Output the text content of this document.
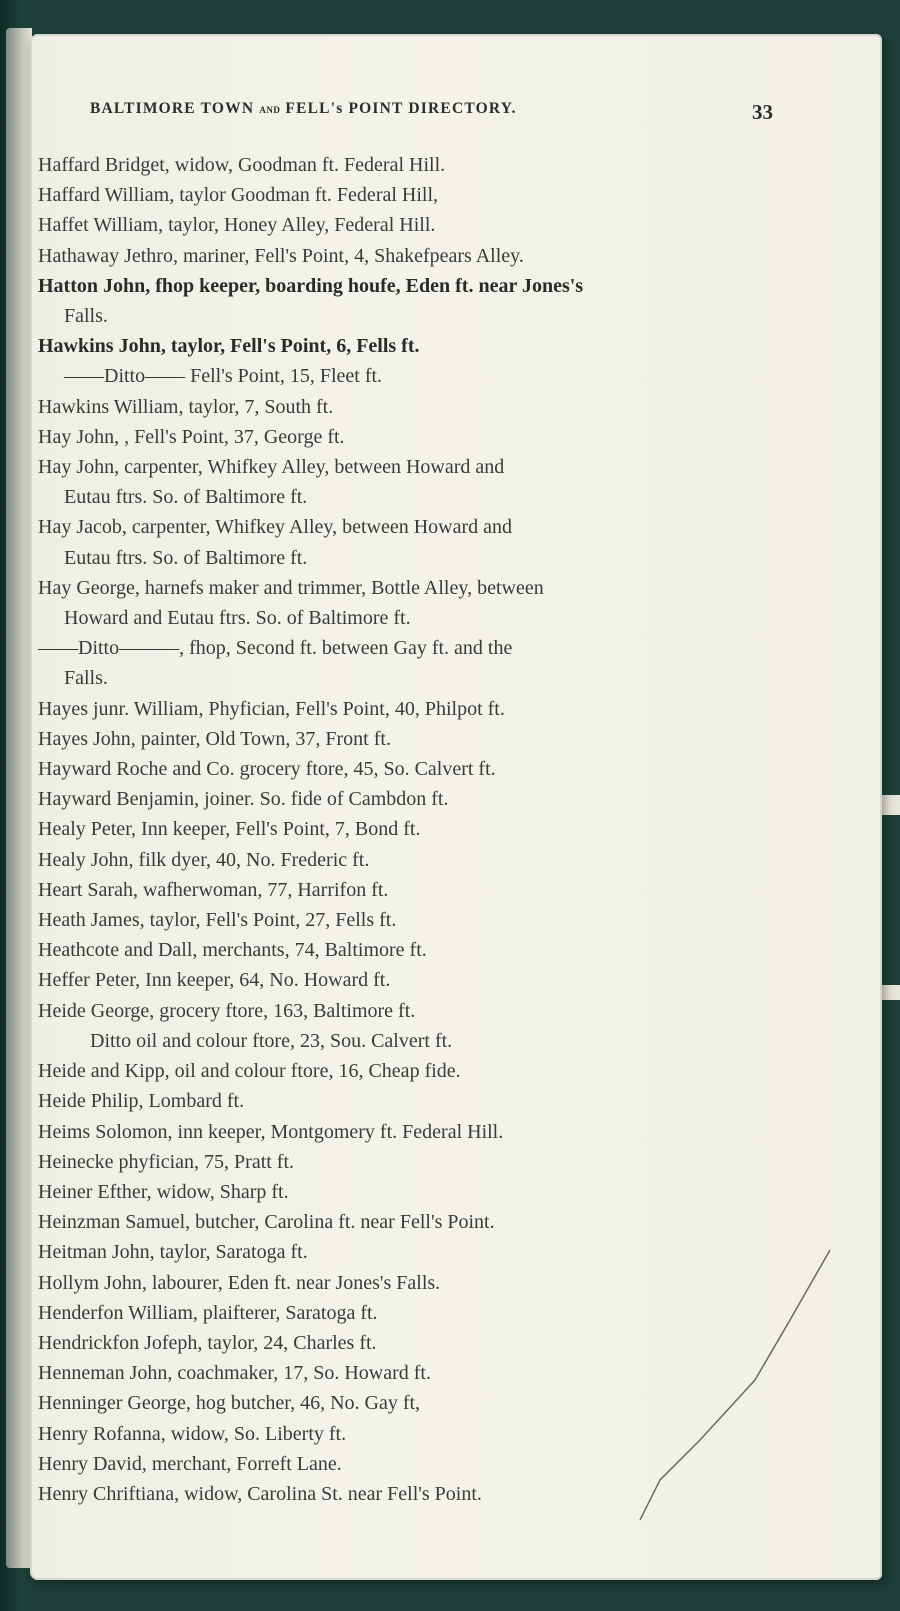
BALTIMORE TOWN AND FELL's POINT DIRECTORY.	33
Haffard Bridget, widow, Goodman ft. Federal Hill.
Haffard William, taylor Goodman ft. Federal Hill,
Haffet William, taylor, Honey Alley, Federal Hill.
Hathaway Jethro, mariner, Fell's Point, 4, Shakefpears Alley.
Hatton John, fhop keeper, boarding houfe, Eden ft. near Jones's
Falls.
Hawkins John, taylor, Fell's Point, 6, Fells ft.
——Ditto—— Fell's Point, 15, Fleet ft.
Hawkins William, taylor, 7, South ft.
Hay John, , Fell's Point, 37, George ft.
Hay John, carpenter, Whifkey Alley, between Howard and
Eutau ftrs. So. of Baltimore ft.
Hay Jacob, carpenter, Whifkey Alley, between Howard and
Eutau ftrs. So. of Baltimore ft.
Hay George, harnefs maker and trimmer, Bottle Alley, between
Howard and Eutau ftrs. So. of Baltimore ft.
——Ditto———, fhop, Second ft. between Gay ft. and the
Falls.
Hayes junr. William, Phyfician, Fell's Point, 40, Philpot ft.
Hayes John, painter, Old Town, 37, Front ft.
Hayward Roche and Co. grocery ftore, 45, So. Calvert ft.
Hayward Benjamin, joiner. So. fide of Cambdon ft.
Healy Peter, Inn keeper, Fell's Point, 7, Bond ft.
Healy John, filk dyer, 40, No. Frederic ft.
Heart Sarah, wafherwoman, 77, Harrifon ft.
Heath James, taylor, Fell's Point, 27, Fells ft.
Heathcote and Dall, merchants, 74, Baltimore ft.
Heffer Peter, Inn keeper, 64, No. Howard ft.
Heide George, grocery ftore, 163, Baltimore ft.
Ditto oil and colour ftore, 23, Sou. Calvert ft.
Heide and Kipp, oil and colour ftore, 16, Cheap fide.
Heide Philip, Lombard ft.
Heims Solomon, inn keeper, Montgomery ft. Federal Hill.
Heinecke phyfician, 75, Pratt ft.
Heiner Efther, widow, Sharp ft.
Heinzman Samuel, butcher, Carolina ft. near Fell's Point.
Heitman John, taylor, Saratoga ft.
Hollym John, labourer, Eden ft. near Jones's Falls.
Henderfon William, plaifterer, Saratoga ft.
Hendrickfon Jofeph, taylor, 24, Charles ft.
Henneman John, coachmaker, 17, So. Howard ft.
Henninger George, hog butcher, 46, No. Gay ft,
Henry Rofanna, widow, So. Liberty ft.
Henry David, merchant, Forreft Lane.
Henry Chriftiana, widow, Carolina St. near Fell's Point.
